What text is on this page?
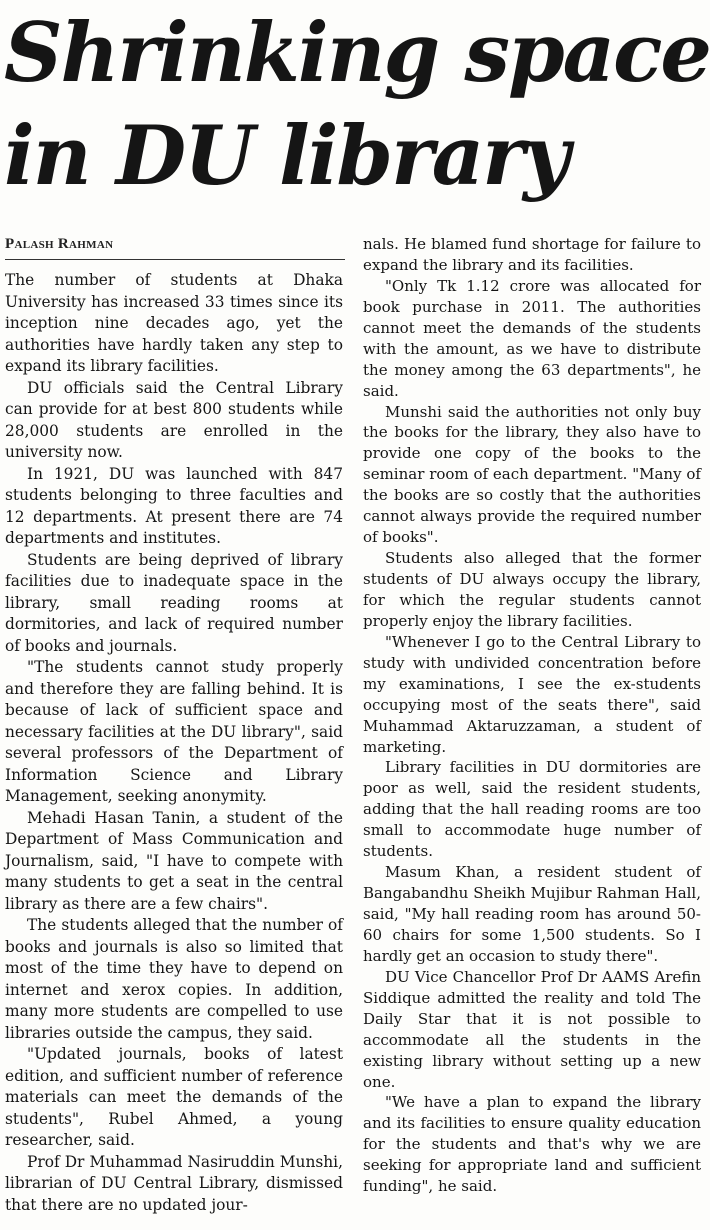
Shrinking space
in DU library
Palash Rahman

The number of students at Dhaka University has increased 33 times since its inception nine decades ago, yet the authorities have hardly taken any step to expand its library facilities.

DU officials said the Central Library can provide for at best 800 students while 28,000 students are enrolled in the university now.

In 1921, DU was launched with 847 students belonging to three faculties and 12 departments. At present there are 74 departments and institutes.

Students are being deprived of library facilities due to inadequate space in the library, small reading rooms at dormitories, and lack of required number of books and journals.

"The students cannot study properly and therefore they are falling behind. It is because of lack of sufficient space and necessary facilities at the DU library", said several professors of the Department of Information Science and Library Management, seeking anonymity.

Mehadi Hasan Tanin, a student of the Department of Mass Communication and Journalism, said, "I have to compete with many students to get a seat in the central library as there are a few chairs".

The students alleged that the number of books and journals is also so limited that most of the time they have to depend on internet and xerox copies. In addition, many more students are compelled to use libraries outside the campus, they said.

"Updated journals, books of latest edition, and sufficient number of reference materials can meet the demands of the students", Rubel Ahmed, a young researcher, said.

Prof Dr Muhammad Nasiruddin Munshi, librarian of DU Central Library, dismissed that there are no updated jour-

nals. He blamed fund shortage for failure to expand the library and its facilities.

"Only Tk 1.12 crore was allocated for book purchase in 2011. The authorities cannot meet the demands of the students with the amount, as we have to distribute the money among the 63 departments", he said.

Munshi said the authorities not only buy the books for the library, they also have to provide one copy of the books to the seminar room of each department. "Many of the books are so costly that the authorities cannot always provide the required number of books".

Students also alleged that the former students of DU always occupy the library, for which the regular students cannot properly enjoy the library facilities.

"Whenever I go to the Central Library to study with undivided concentration before my examinations, I see the ex-students occupying most of the seats there", said Muhammad Aktaruzzaman, a student of marketing.

Library facilities in DU dormitories are poor as well, said the resident students, adding that the hall reading rooms are too small to accommodate huge number of students.

Masum Khan, a resident student of Bangabandhu Sheikh Mujibur Rahman Hall, said, "My hall reading room has around 50-60 chairs for some 1,500 students. So I hardly get an occasion to study there".

DU Vice Chancellor Prof Dr AAMS Arefin Siddique admitted the reality and told The Daily Star that it is not possible to accommodate all the students in the existing library without setting up a new one.

"We have a plan to expand the library and its facilities to ensure quality education for the students and that's why we are seeking for appropriate land and sufficient funding", he said.
